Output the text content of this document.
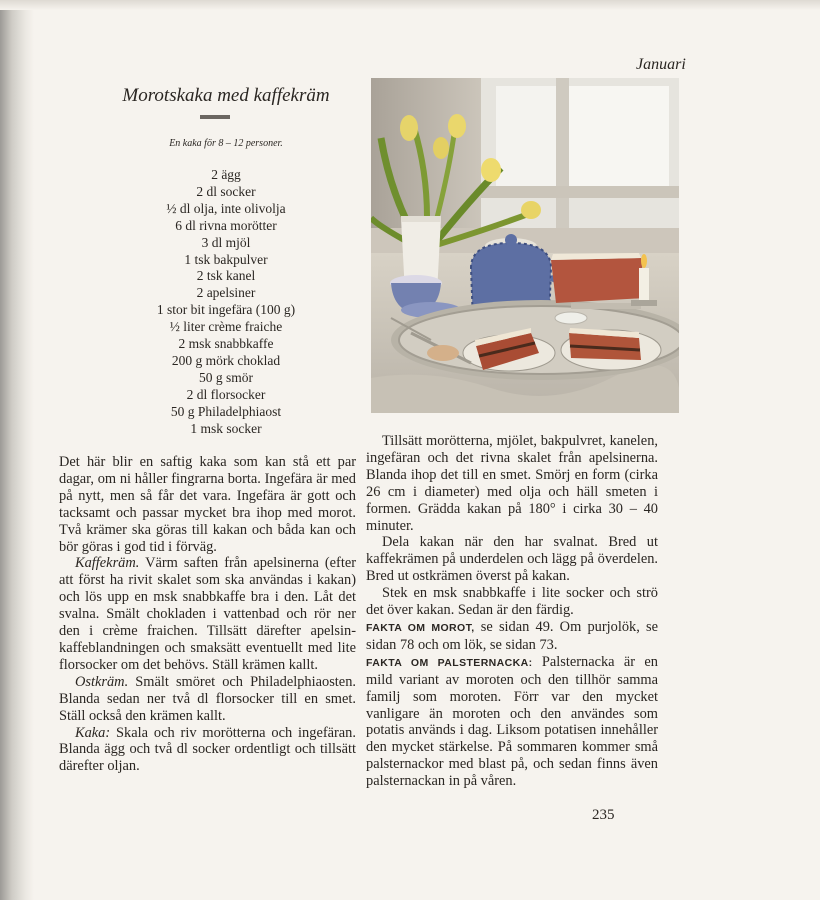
Januari
Morotskaka med kaffekräm
En kaka för 8 – 12 personer.
2 ägg
2 dl socker
½ dl olja, inte olivolja
6 dl rivna morötter
3 dl mjöl
1 tsk bakpulver
2 tsk kanel
2 apelsiner
1 stor bit ingefära (100 g)
½ liter crème fraiche
2 msk snabbkaffe
200 g mörk choklad
50 g smör
2 dl florsocker
50 g Philadelphiaost
1 msk socker

Det här blir en saftig kaka som kan stå ett par dagar, om ni håller fingrarna borta. Ingefära är med på nytt, men så får det vara. Ingefära är gott och tacksamt och passar mycket bra ihop med morot. Två krämer ska göras till kakan och båda kan och bör göras i god tid i förväg.

Kaffekräm. Värm saften från apelsinerna (efter att först ha rivit skalet som ska användas i kakan) och lös upp en msk snabbkaffe bra i den. Låt det svalna. Smält chokladen i vattenbad och rör ner den i crème fraichen. Tillsätt därefter apelsin-kaffeblandningen och smaksätt eventuellt med lite florsocker om det behövs. Ställ krämen kallt.

Ostkräm. Smält smöret och Philadelphiaosten. Blanda sedan ner två dl florsocker till en smet. Ställ också den krämen kallt.

Kaka: Skala och riv morötterna och ingefäran. Blanda ägg och två dl socker ordentligt och tillsätt därefter oljan.

Tillsätt morötterna, mjölet, bakpulvret, kanelen, ingefäran och det rivna skalet från apelsinerna. Blanda ihop det till en smet. Smörj en form (cirka 26 cm i diameter) med olja och häll smeten i formen. Grädda kakan på 180° i cirka 30 – 40 minuter.

Dela kakan när den har svalnat. Bred ut kaffekrämen på underdelen och lägg på överdelen. Bred ut ostkrämen överst på kakan.

Stek en msk snabbkaffe i lite socker och strö det över kakan. Sedan är den färdig.

FAKTA OM MOROT, se sidan 49. Om purjolök, se sidan 78 och om lök, se sidan 73.

FAKTA OM PALSTERNACKA: Palsternacka är en mild variant av moroten och den tillhör samma familj som moroten. Förr var den mycket vanligare än moroten och den användes som potatis används i dag. Liksom potatisen innehåller den mycket stärkelse. På sommaren kommer små palsternackor med blast på, och sedan finns även palsternackan in på våren.

235
